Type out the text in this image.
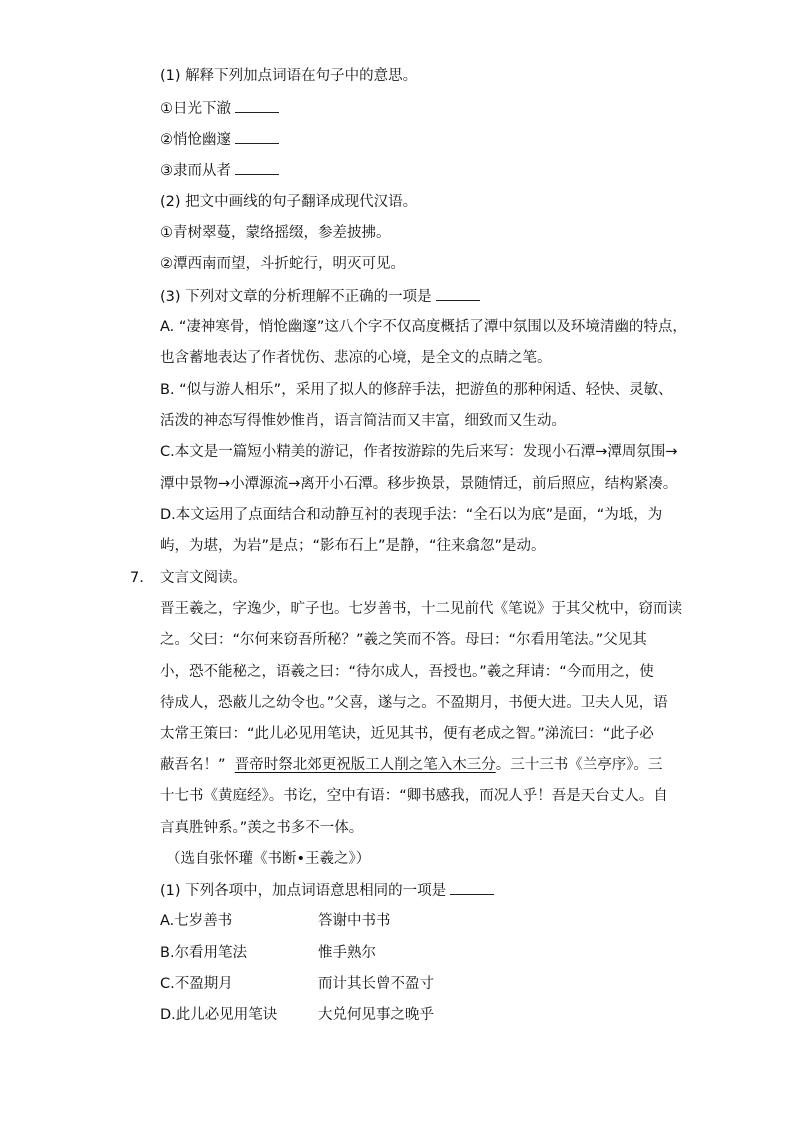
(1) 解释下列加点词语在句子中的意思。
①日光下澈
②悄怆幽邃
③隶而从者
(2) 把文中画线的句子翻译成现代汉语。
①青树翠蔓，蒙络摇缀，参差披拂。
②潭西南而望，斗折蛇行，明灭可见。
(3) 下列对文章的分析理解不正确的一项是
A. “凄神寒骨，悄怆幽邃”这八个字不仅高度概括了潭中氛围以及环境清幽的特点，
也含蓄地表达了作者忧伤、悲凉的心境，是全文的点睛之笔。
B. “似与游人相乐”，采用了拟人的修辞手法，把游鱼的那种闲适、轻快、灵敏、
活泼的神态写得惟妙惟肖，语言简洁而又丰富，细致而又生动。
C.本文是一篇短小精美的游记，作者按游踪的先后来写：发现小石潭→潭周氛围→
潭中景物→小潭源流→离开小石潭。移步换景，景随情迁，前后照应，结构紧凑。
D.本文运用了点面结合和动静互衬的表现手法：“全石以为底”是面，“为坻，为
屿，为堪，为岩”是点；“影布石上”是静，“往来翕忽”是动。
7. 文言文阅读。
晋王羲之，字逸少，旷子也。七岁善书，十二见前代《笔说》于其父枕中，窃而读
之。父曰：“尔何来窃吾所秘？”羲之笑而不答。母曰：“尔看用笔法。”父见其
小，恐不能秘之，语羲之曰：“待尔成人，吾授也。”羲之拜请：“今而用之，使
待成人，恐蔽儿之幼令也。”父喜，遂与之。不盈期月，书便大进。卫夫人见，语
太常王策曰：“此儿必见用笔诀，近见其书，便有老成之智。”涕流曰：“此子必
蔽吾名！” 晋帝时祭北郊更祝版工人削之笔入木三分。三十三书《兰亭序》。三
十七书《黄庭经》。书讫，空中有语：“卿书感我，而况人乎！吾是天台丈人。自
言真胜钟系。”羡之书多不一体。
（选自张怀瓘《书断•王羲之》）
(1) 下列各项中，加点词语意思相同的一项是
A.七岁善书	答谢中书书
B.尔看用笔法	惟手熟尔
C.不盈期月	而计其长曾不盈寸
D.此儿必见用笔诀	大兑何见事之晚乎
